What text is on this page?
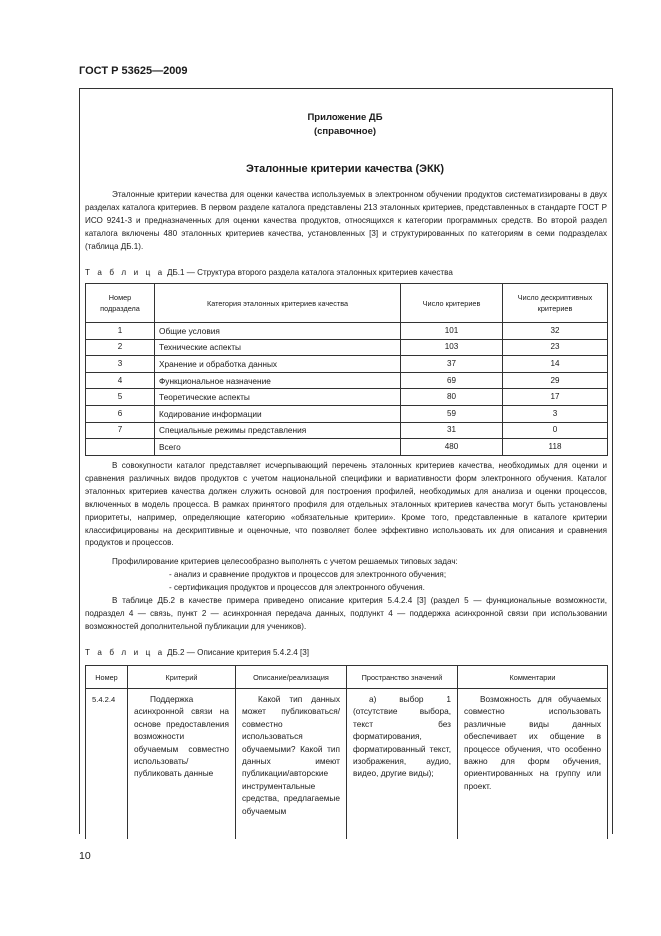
ГОСТ Р 53625—2009
Приложение ДБ
(справочное)
Эталонные критерии качества (ЭКК)

Эталонные критерии качества для оценки качества используемых в электронном обучении продуктов систематизированы в двух разделах каталога критериев. В первом разделе каталога представлены 213 эталонных критериев, представленных в стандарте ГОСТ Р ИСО 9241-3 и предназначенных для оценки качества продуктов, относящихся к категории программных средств. Во второй раздел каталога включены 480 эталонных критериев качества, установленных [3] и структурированных по категориям в семи подразделах (таблица ДБ.1).

Т а б л и ц а ДБ.1 — Структура второго раздела каталога эталонных критериев качества
Номер подраздела	Категория эталонных критериев качества	Число критериев	Число дескриптивных критериев
1	Общие условия	101	32
2	Технические аспекты	103	23
3	Хранение и обработка данных	37	14
4	Функциональное назначение	69	29
5	Теоретические аспекты	80	17
6	Кодирование информации	59	3
7	Специальные режимы представления	31	0
	Всего	480	118

В совокупности каталог представляет исчерпывающий перечень эталонных критериев качества, необходимых для оценки и сравнения различных видов продуктов с учетом национальной специфики и вариативности форм электронного обучения. Каталог эталонных критериев качества должен служить основой для построения профилей, необходимых для анализа и оценки процессов, включенных в модель процесса. В рамках принятого профиля для отдельных эталонных критериев качества могут быть установлены приоритеты, например, определяющие категорию «обязательные критерии». Кроме того, представленные в каталоге критерии классифицированы на дескриптивные и оценочные, что позволяет более эффективно использовать их для описания и сравнения продуктов и процессов.

Профилирование критериев целесообразно выполнять с учетом решаемых типовых задач:

- анализ и сравнение продуктов и процессов для электронного обучения;

- сертификация продуктов и процессов для электронного обучения.

В таблице ДБ.2 в качестве примера приведено описание критерия 5.4.2.4 [3] (раздел 5 — функциональные возможности, подраздел 4 — связь, пункт 2 — асинхронная передача данных, подпункт 4 — поддержка асинхронной связи при использовании возможностей дополнительной публикации для учеников).

Т а б л и ц а ДБ.2 — Описание критерия 5.4.2.4 [3]
Номер	Критерий	Описание/реализация	Пространство значений	Комментарии
5.4.2.4	Поддержка асинхронной связи на основе предоставления возможности обучаемым совместно использовать/публиковать данные	Какой тип данных может публиковаться/совместно использоваться обучаемыми? Какой тип данных имеют публикации/авторские инструментальные средства, предлагаемые обучаемым	а) выбор 1 (отсутствие выбора, текст без форматирования, форматированный текст, изображения, аудио, видео, другие виды);	Возможность для обучаемых совместно использовать различные виды данных обеспечивает их общение в процессе обучения, что особенно важно для форм обучения, ориентированных на группу или проект.
10
